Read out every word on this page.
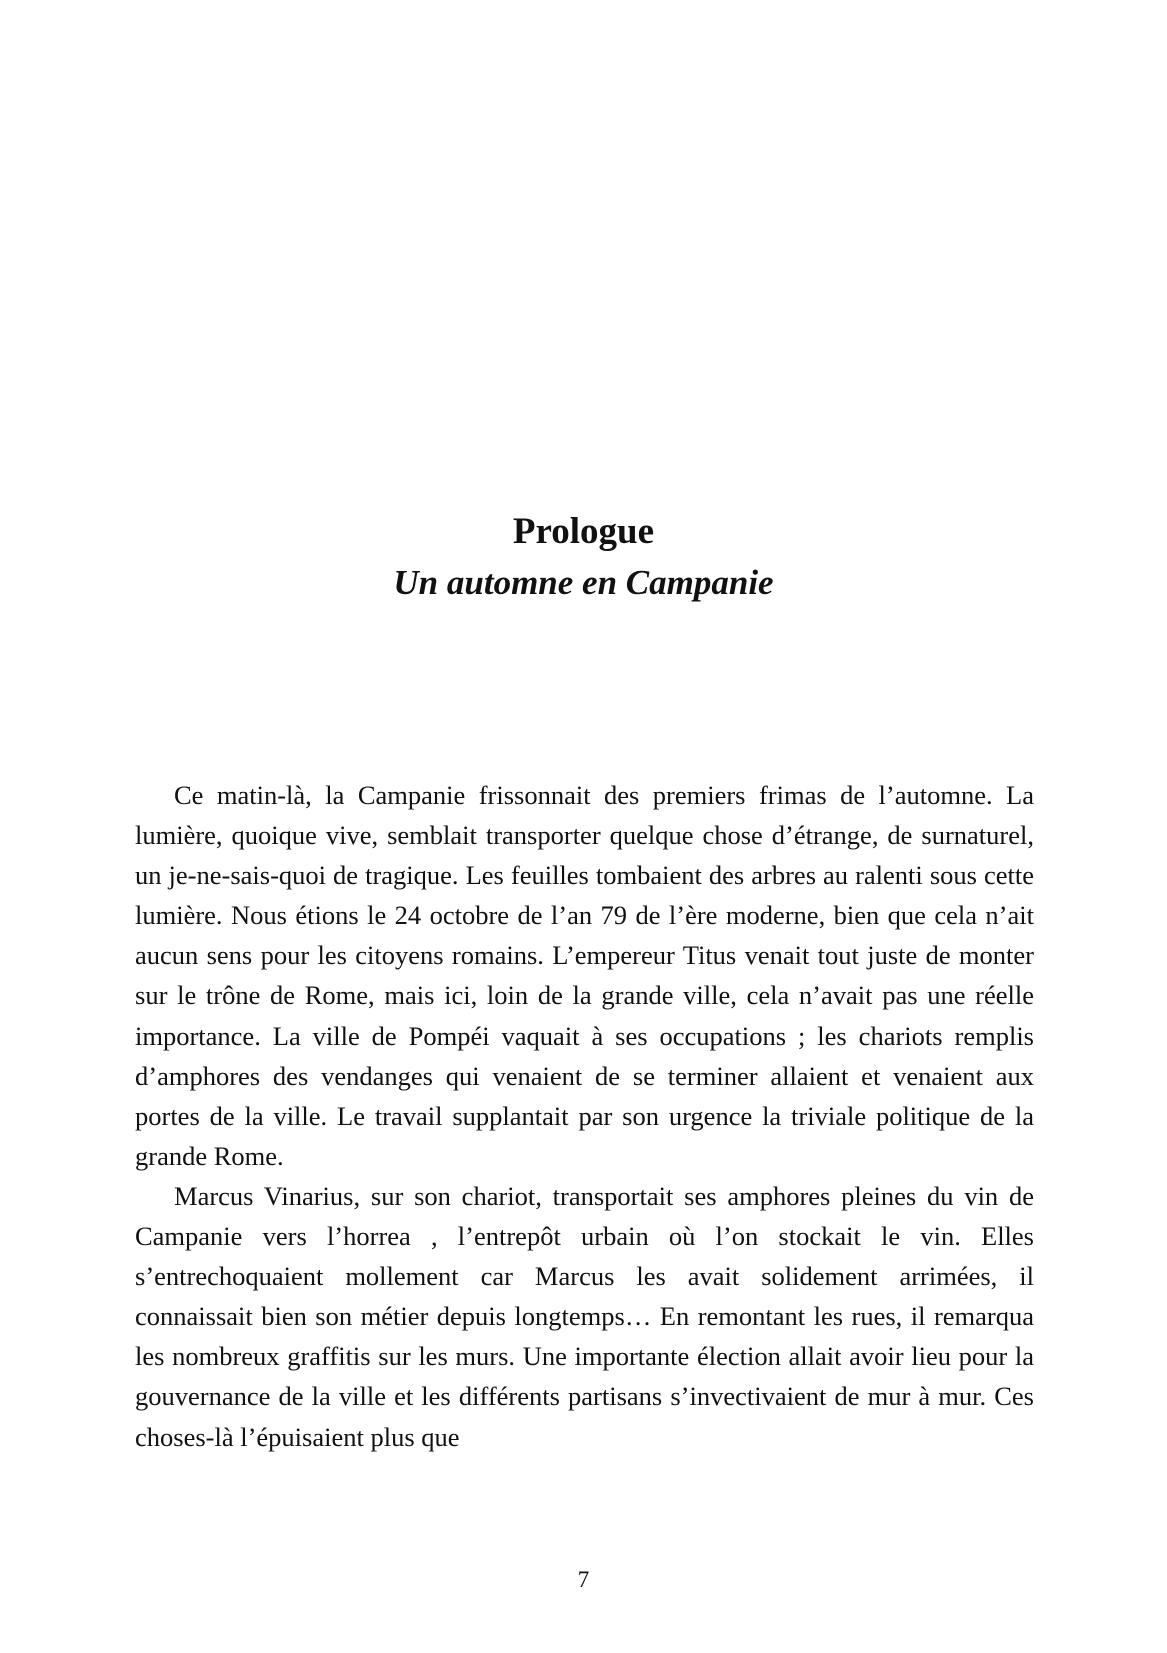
Prologue
Un automne en Campanie

Ce matin-là, la Campanie frissonnait des premiers frimas de l’automne. La lumière, quoique vive, semblait transporter quelque chose d’étrange, de surnaturel, un je-ne-sais-quoi de tragique. Les feuilles tombaient des arbres au ralenti sous cette lumière. Nous étions le 24 octobre de l’an 79 de l’ère moderne, bien que cela n’ait aucun sens pour les citoyens romains. L’empereur Titus venait tout juste de monter sur le trône de Rome, mais ici, loin de la grande ville, cela n’avait pas une réelle importance. La ville de Pompéi vaquait à ses occupations ; les chariots remplis d’amphores des vendanges qui venaient de se terminer allaient et venaient aux portes de la ville. Le travail supplantait par son urgence la triviale politique de la grande Rome.

Marcus Vinarius, sur son chariot, transportait ses amphores pleines du vin de Campanie vers l’horrea , l’entrepôt urbain où l’on stockait le vin. Elles s’entrechoquaient mollement car Marcus les avait solidement arrimées, il connaissait bien son métier depuis longtemps… En remontant les rues, il remarqua les nombreux graffitis sur les murs. Une importante élection allait avoir lieu pour la gouvernance de la ville et les différents partisans s’invectivaient de mur à mur. Ces choses-là l’épuisaient plus que

7
